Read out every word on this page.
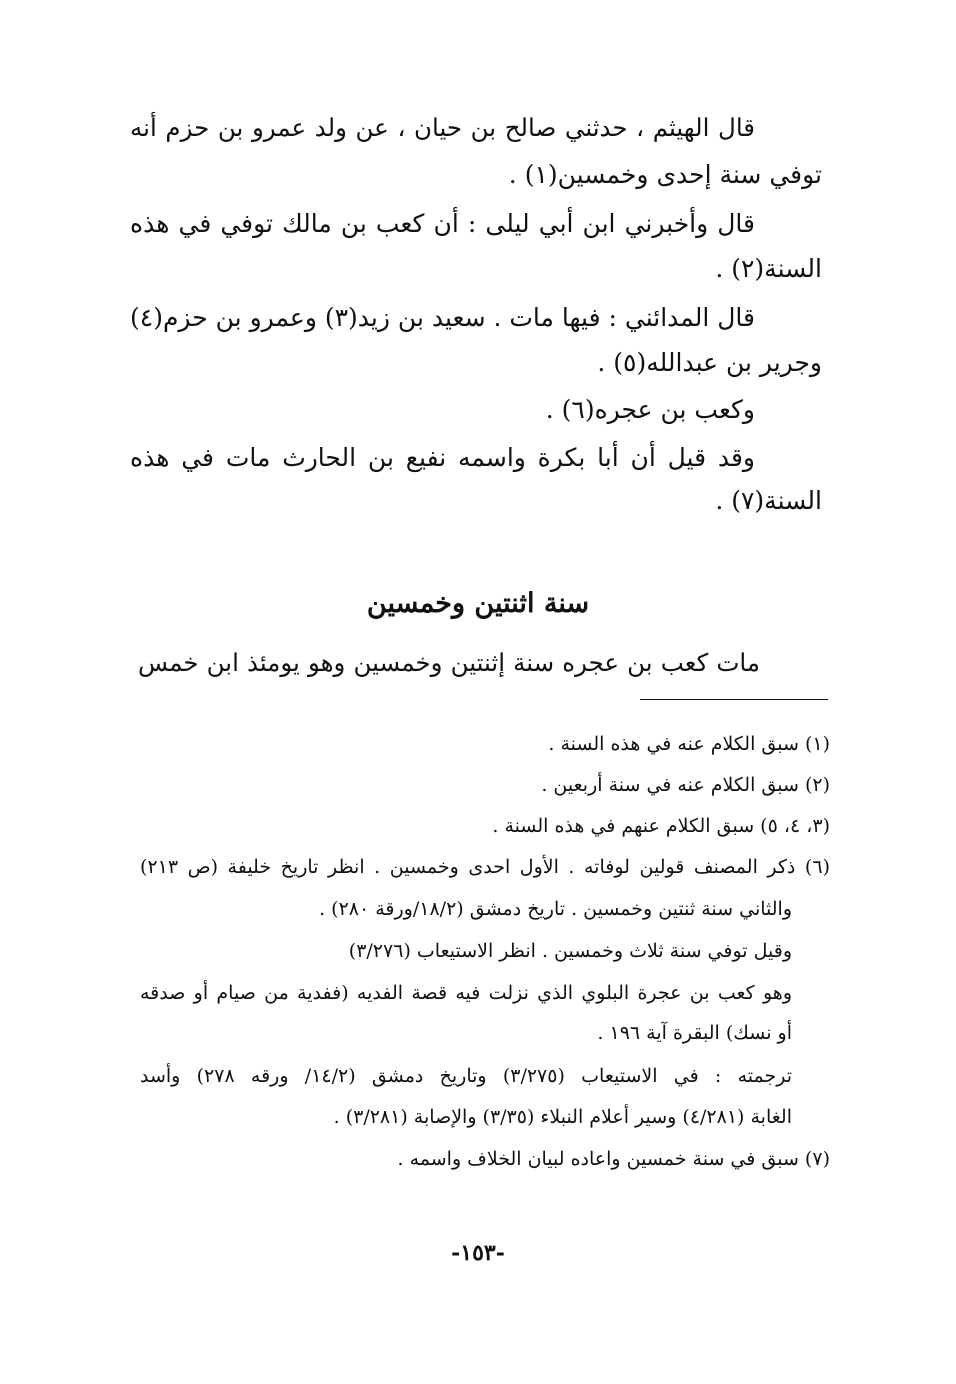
قال الهيثم ، حدثني صالح بن حيان ، عن ولد عمرو بن حزم أنه
توفي سنة إحدى وخمسين(١) .
قال وأخبرني ابن أبي ليلى : أن كعب بن مالك توفي في هذه
السنة(٢) .
قال المدائني : فيها مات . سعيد بن زيد(٣) وعمرو بن حزم(٤)
وجرير بن عبدالله(٥) .
وكعب بن عجره(٦) .
وقد قيل أن أبا بكرة واسمه نفيع بن الحارث مات في هذه
السنة(٧) .
سنة اثنتين وخمسين
مات كعب بن عجره سنة إثنتين وخمسين وهو يومئذ ابن خمس
(١) سبق الكلام عنه في هذه السنة .
(٢) سبق الكلام عنه في سنة أربعين .
(٣، ٤، ٥) سبق الكلام عنهم في هذه السنة .
(٦) ذكر المصنف قولين لوفاته . الأول احدى وخمسين . انظر تاريخ خليفة (ص ٢١٣)
والثاني سنة ثنتين وخمسين . تاريخ دمشق (١٨/٢/ورقة ٢٨٠) .
وقيل توفي سنة ثلاث وخمسين . انظر الاستيعاب (٣/٢٧٦)
وهو كعب بن عجرة البلوي الذي نزلت فيه قصة الفديه (ففدية من صيام أو صدقه
أو نسك) البقرة آية ١٩٦ .
ترجمته : في الاستيعاب (٣/٢٧٥) وتاريخ دمشق (١٤/٢/ ورقه ٢٧٨) وأسد
الغابة (٤/٢٨١) وسير أعلام النبلاء (٣/٣٥) والإصابة (٣/٢٨١) .
(٧) سبق في سنة خمسين واعاده لبيان الخلاف واسمه .
-١٥٣-
